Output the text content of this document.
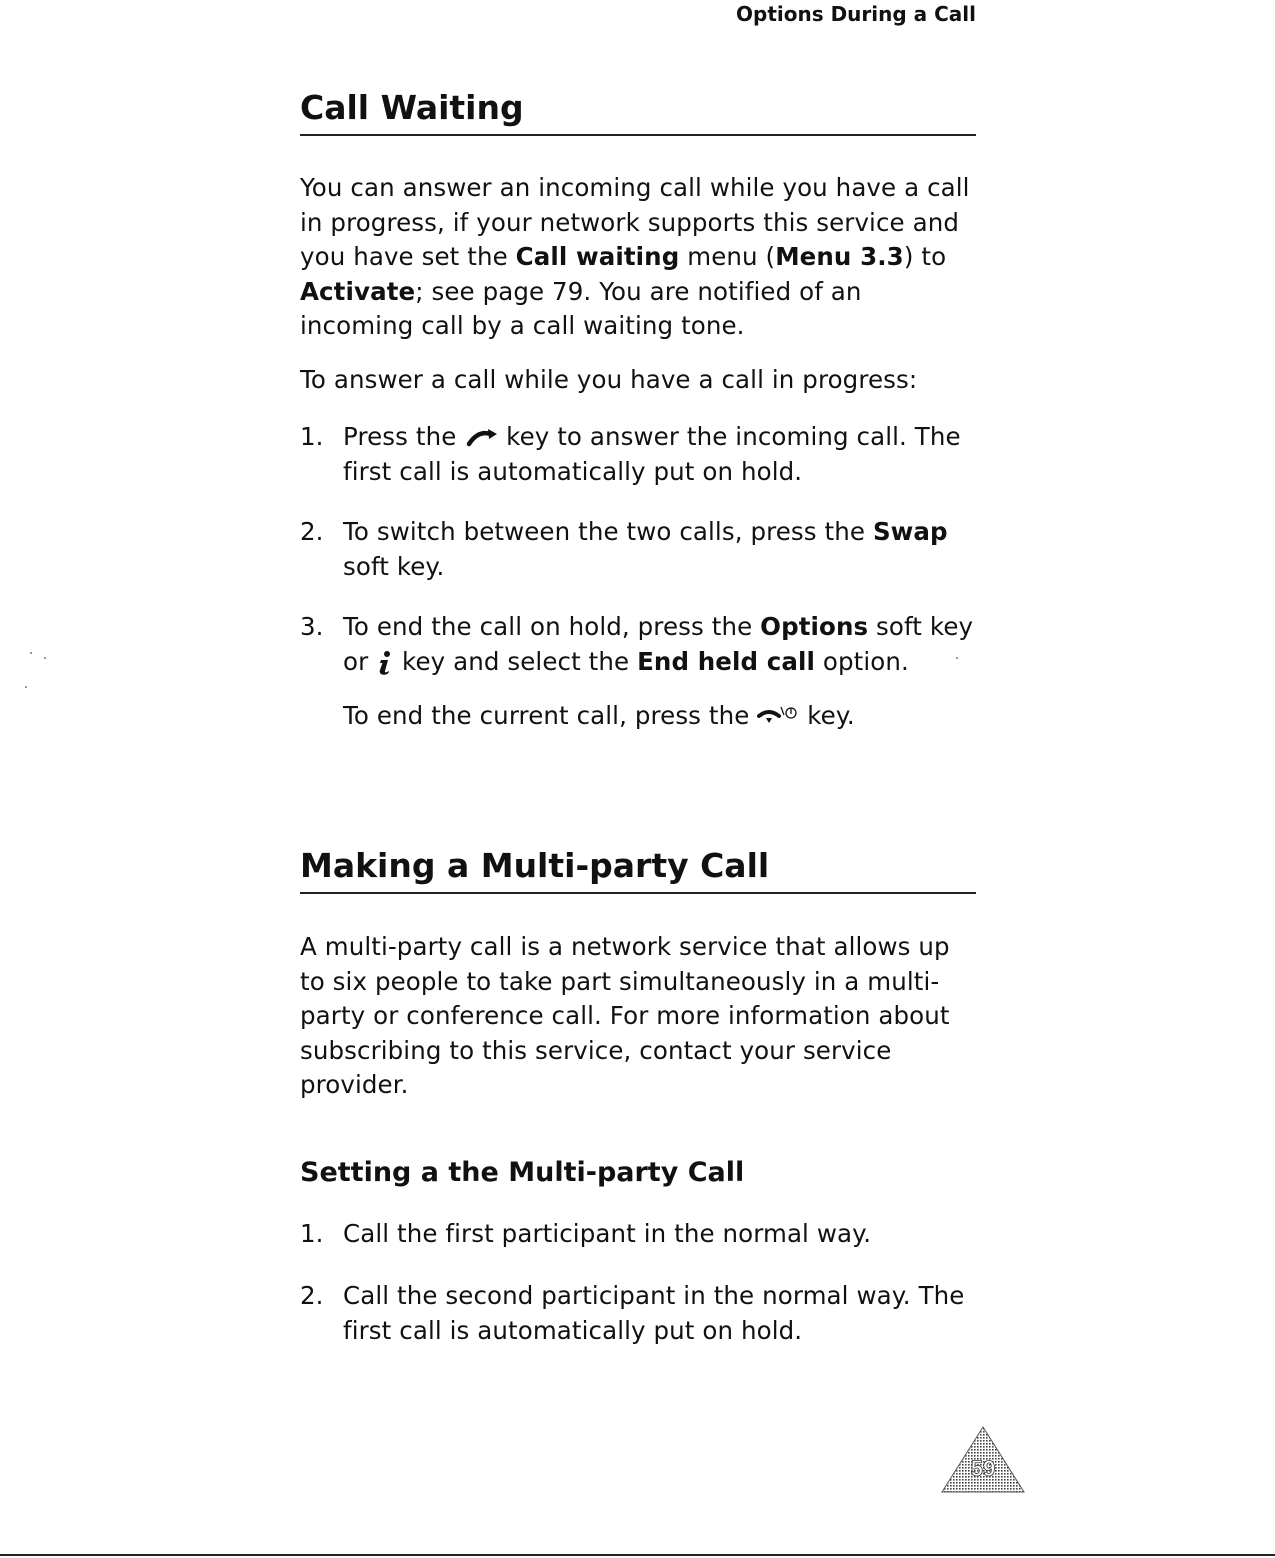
Options During a Call
Call Waiting

You can answer an incoming call while you have a call in progress, if your network supports this service and you have set the Call waiting menu (Menu 3.3) to Activate; see page 79. You are notified of an incoming call by a call waiting tone.

To answer a call while you have a call in progress:

1. Press the  key to answer the incoming call. The first call is automatically put on hold.

2. To switch between the two calls, press the Swap soft key.

3. To end the call on hold, press the Options soft key or  key and select the End held call option.

To end the current call, press the  key.

Making a Multi-party Call

A multi-party call is a network service that allows up to six people to take part simultaneously in a multi-party or conference call. For more information about subscribing to this service, contact your service provider.

Setting a the Multi-party Call
1. Call the first participant in the normal way.

2. Call the second participant in the normal way. The first call is automatically put on hold.

59
